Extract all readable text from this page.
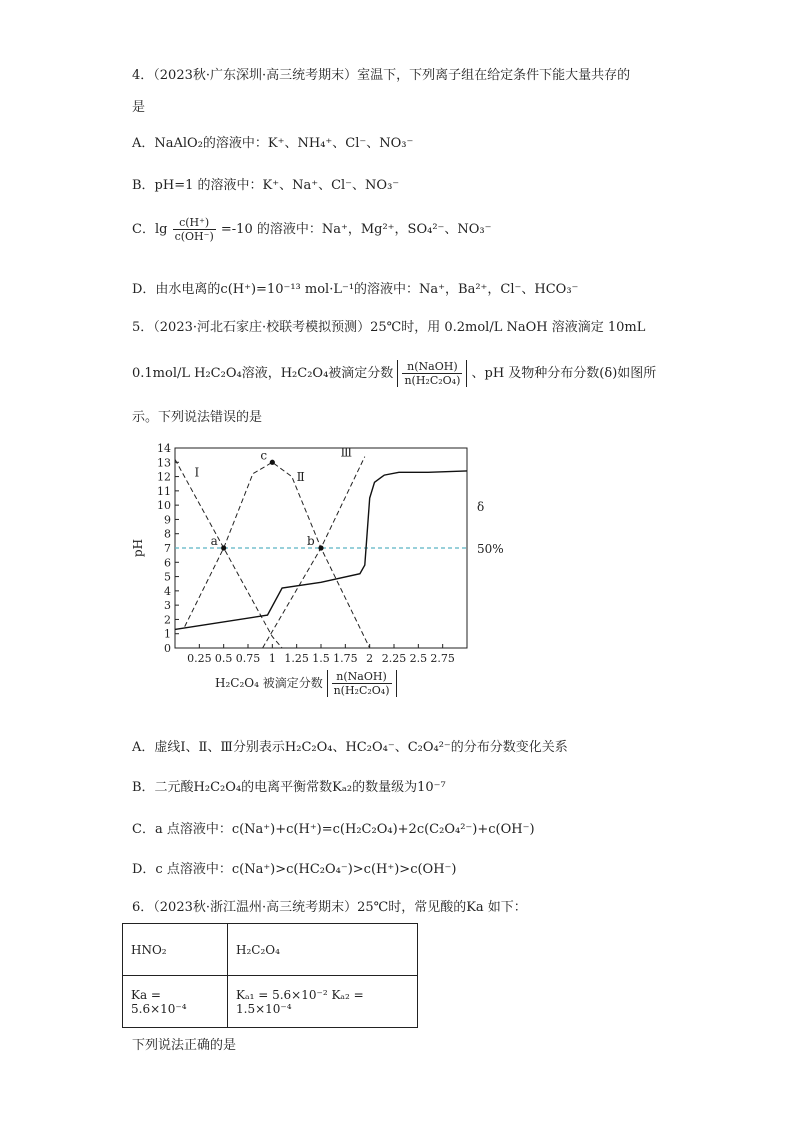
4．（2023秋·广东深圳·高三统考期末）室温下，下列离子组在给定条件下能大量共存的
是
A．NaAlO₂的溶液中：K⁺、NH₄⁺、Cl⁻、NO₃⁻
B．pH=1 的溶液中：K⁺、Na⁺、Cl⁻、NO₃⁻
C．$\lg \frac{c(H^+)}{c(OH^-)} =-10$ 的溶液中：Na⁺，Mg²⁺，SO₄²⁻、NO₃⁻
D．由水电离的c(H⁺)=10⁻¹³ mol·L⁻¹的溶液中：Na⁺，Ba²⁺，Cl⁻、HCO₃⁻
5．（2023·河北石家庄·校联考模拟预测）25℃时，用 0.2mol/L NaOH 溶液滴定 10mL
0.1mol/L H₂C₂O₄溶液，H₂C₂O₄被滴定分数 $\frac{\text{n(NaOH)}}{\text{n(H₂C₂O₄)}}$ 、pH 及物种分布分数(δ)如图所
示。下列说法错误的是
0
1
2
3
4
5
6
7
8
9
10
11
12
13
14
0.25 0.5 0.75 1 1.25 1.5 1.75 2 2.25 2.5 2.75
pH
δ
50%
Ⅰ	Ⅱ
Ⅲ
a	b
c
H₂C₂O₄ 被滴定分数 $\frac{\text{n(NaOH)}}{\text{n(H₂C₂O₄)}}$
A．虚线Ⅰ、Ⅱ、Ⅲ分别表示H₂C₂O₄、HC₂O₄⁻、C₂O₄²⁻的分布分数变化关系
B．二元酸H₂C₂O₄的电离平衡常数Kₐ₂的数量级为10⁻⁷
C．a 点溶液中：c(Na⁺)+c(H⁺)=c(H₂C₂O₄)+2c(C₂O₄²⁻)+c(OH⁻)
D．c 点溶液中：c(Na⁺)>c(HC₂O₄⁻)>c(H⁺)>c(OH⁻)
6．（2023秋·浙江温州·高三统考期末）25℃时，常见酸的Ka 如下：
HNO₂	H₂C₂O₄
Ka = 5.6×10⁻⁴	Kₐ₁ = 5.6×10⁻² Kₐ₂ = 1.5×10⁻⁴
下列说法正确的是
